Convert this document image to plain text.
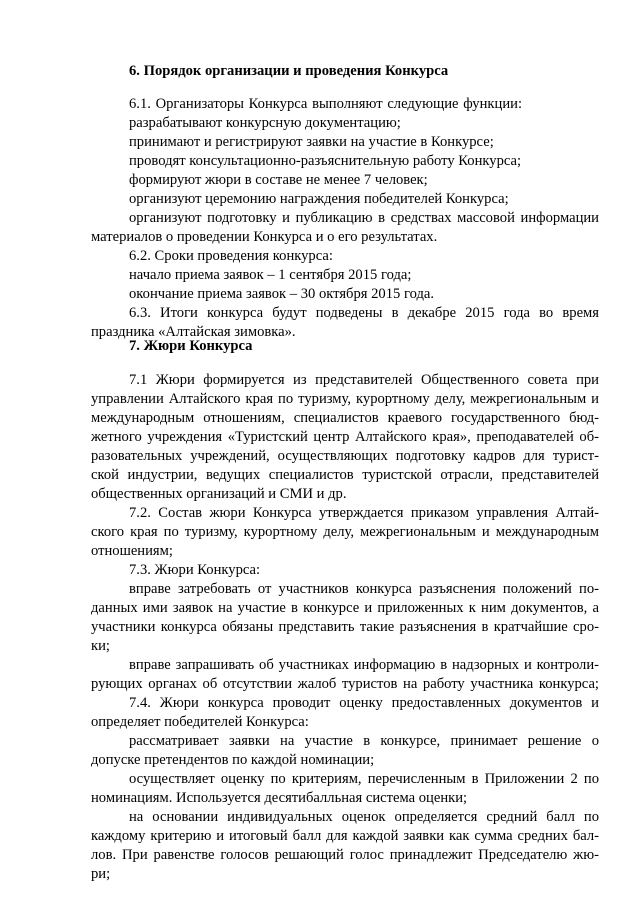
6. Порядок организации и проведения Конкурса
6.1. Организаторы Конкурса выполняют следующие функции:
разрабатывают конкурсную документацию;
принимают и регистрируют заявки на участие в Конкурсе;
проводят консультационно-разъяснительную работу Конкурса;
формируют жюри в составе не менее 7 человек;
организуют церемонию награждения победителей Конкурса;
организуют подготовку и публикацию в средствах массовой информации
материалов о проведении Конкурса и о его результатах.
6.2. Сроки проведения конкурса:
начало приема заявок – 1 сентября 2015 года;
окончание приема заявок – 30 октября 2015 года.
6.3. Итоги конкурса будут подведены в декабре 2015 года во время
праздника «Алтайская зимовка».
7. Жюри Конкурса
7.1 Жюри формируется из представителей Общественного совета при
управлении Алтайского края по туризму, курортному делу, межрегиональным и
международным отношениям, специалистов краевого государственного бюд-
жетного учреждения «Туристский центр Алтайского края», преподавателей об-
разовательных учреждений, осуществляющих подготовку кадров для турист-
ской индустрии, ведущих специалистов туристской отрасли, представителей
общественных организаций и СМИ и др.
7.2. Состав жюри Конкурса утверждается приказом управления Алтай-
ского края по туризму, курортному делу, межрегиональным и международным
отношениям;
7.3. Жюри Конкурса:
вправе затребовать от участников конкурса разъяснения положений по-
данных ими заявок на участие в конкурсе и приложенных к ним документов, а
участники конкурса обязаны представить такие разъяснения в кратчайшие сро-
ки;
вправе запрашивать об участниках информацию в надзорных и контроли-
рующих органах об отсутствии жалоб туристов на работу участника конкурса;
7.4. Жюри конкурса проводит оценку предоставленных документов и
определяет победителей Конкурса:
рассматривает заявки на участие в конкурсе, принимает решение о
допуске претендентов по каждой номинации;
осуществляет оценку по критериям, перечисленным в Приложении 2 по
номинациям. Используется десятибалльная система оценки;
на основании индивидуальных оценок определяется средний балл по
каждому критерию и итоговый балл для каждой заявки как сумма средних бал-
лов. При равенстве голосов решающий голос принадлежит Председателю жю-
ри;
